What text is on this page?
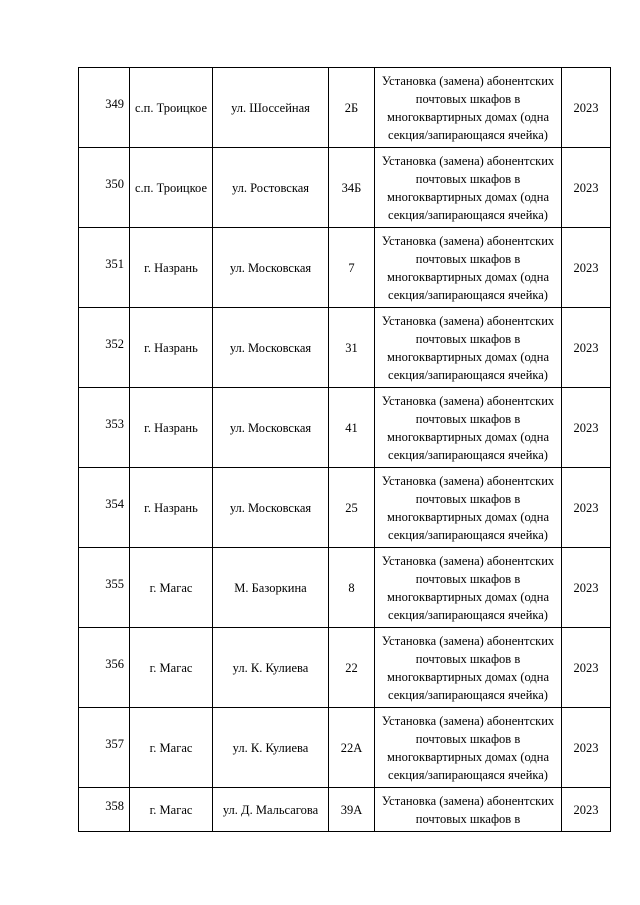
349	с.п. Троицкое	ул. Шоссейная	2Б	Установка (замена) абонентских почтовых шкафов в многоквартирных домах (одна секция/запирающаяся ячейка)	2023
350	с.п. Троицкое	ул. Ростовская	34Б	Установка (замена) абонентских почтовых шкафов в многоквартирных домах (одна секция/запирающаяся ячейка)	2023
351	г. Назрань	ул. Московская	7	Установка (замена) абонентских почтовых шкафов в многоквартирных домах (одна секция/запирающаяся ячейка)	2023
352	г. Назрань	ул. Московская	31	Установка (замена) абонентских почтовых шкафов в многоквартирных домах (одна секция/запирающаяся ячейка)	2023
353	г. Назрань	ул. Московская	41	Установка (замена) абонентских почтовых шкафов в многоквартирных домах (одна секция/запирающаяся ячейка)	2023
354	г. Назрань	ул. Московская	25	Установка (замена) абонентских почтовых шкафов в многоквартирных домах (одна секция/запирающаяся ячейка)	2023
355	г. Магас	М. Базоркина	8	Установка (замена) абонентских почтовых шкафов в многоквартирных домах (одна секция/запирающаяся ячейка)	2023
356	г. Магас	ул. К. Кулиева	22	Установка (замена) абонентских почтовых шкафов в многоквартирных домах (одна секция/запирающаяся ячейка)	2023
357	г. Магас	ул. К. Кулиева	22А	Установка (замена) абонентских почтовых шкафов в многоквартирных домах (одна секция/запирающаяся ячейка)	2023
358	г. Магас	ул. Д. Мальсагова	39А	Установка (замена) абонентских почтовых шкафов в	2023
